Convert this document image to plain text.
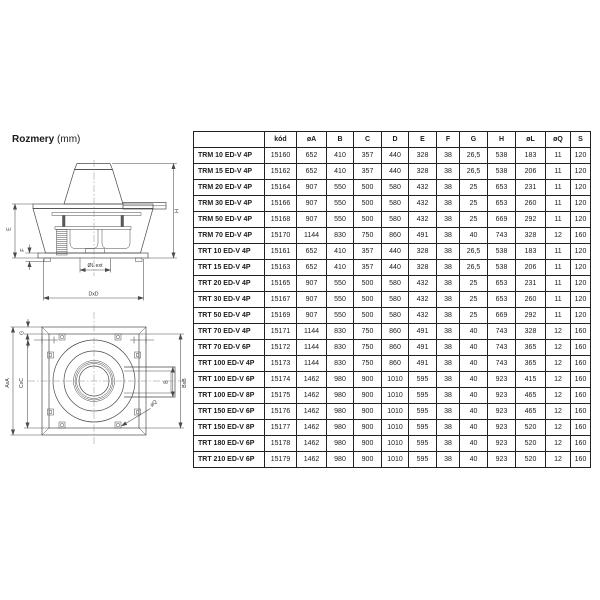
Rozmery (mm)
H
E
F
ØL ext
DxD
AxA CxC
G
B BxB
øQ
	kód	øA	B	C	D	E	F	G	H	øL	øQ	S
TRM 10 ED-V 4P	15160	652	410	357	440	328	38	26,5	538	183	11	120
TRM 15 ED-V 4P	15162	652	410	357	440	328	38	26,5	538	206	11	120
TRM 20 ED-V 4P	15164	907	550	500	580	432	38	25	653	231	11	120
TRM 30 ED-V 4P	15166	907	550	500	580	432	38	25	653	260	11	120
TRM 50 ED-V 4P	15168	907	550	500	580	432	38	25	669	292	11	120
TRM 70 ED-V 4P	15170	1144	830	750	860	491	38	40	743	328	12	160
TRT 10 ED-V 4P	15161	652	410	357	440	328	38	26,5	538	183	11	120
TRT 15 ED-V 4P	15163	652	410	357	440	328	38	26,5	538	206	11	120
TRT 20 ED-V 4P	15165	907	550	500	580	432	38	25	653	231	11	120
TRT 30 ED-V 4P	15167	907	550	500	580	432	38	25	653	260	11	120
TRT 50 ED-V 4P	15169	907	550	500	580	432	38	25	669	292	11	120
TRT 70 ED-V 4P	15171	1144	830	750	860	491	38	40	743	328	12	160
TRT 70 ED-V 6P	15172	1144	830	750	860	491	38	40	743	365	12	160
TRT 100 ED-V 4P	15173	1144	830	750	860	491	38	40	743	365	12	160
TRT 100 ED-V 6P	15174	1462	980	900	1010	595	38	40	923	415	12	160
TRT 100 ED-V 8P	15175	1462	980	900	1010	595	38	40	923	465	12	160
TRT 150 ED-V 6P	15176	1462	980	900	1010	595	38	40	923	465	12	160
TRT 150 ED-V 8P	15177	1462	980	900	1010	595	38	40	923	520	12	160
TRT 180 ED-V 6P	15178	1462	980	900	1010	595	38	40	923	520	12	160
TRT 210 ED-V 6P	15179	1462	980	900	1010	595	38	40	923	520	12	160
